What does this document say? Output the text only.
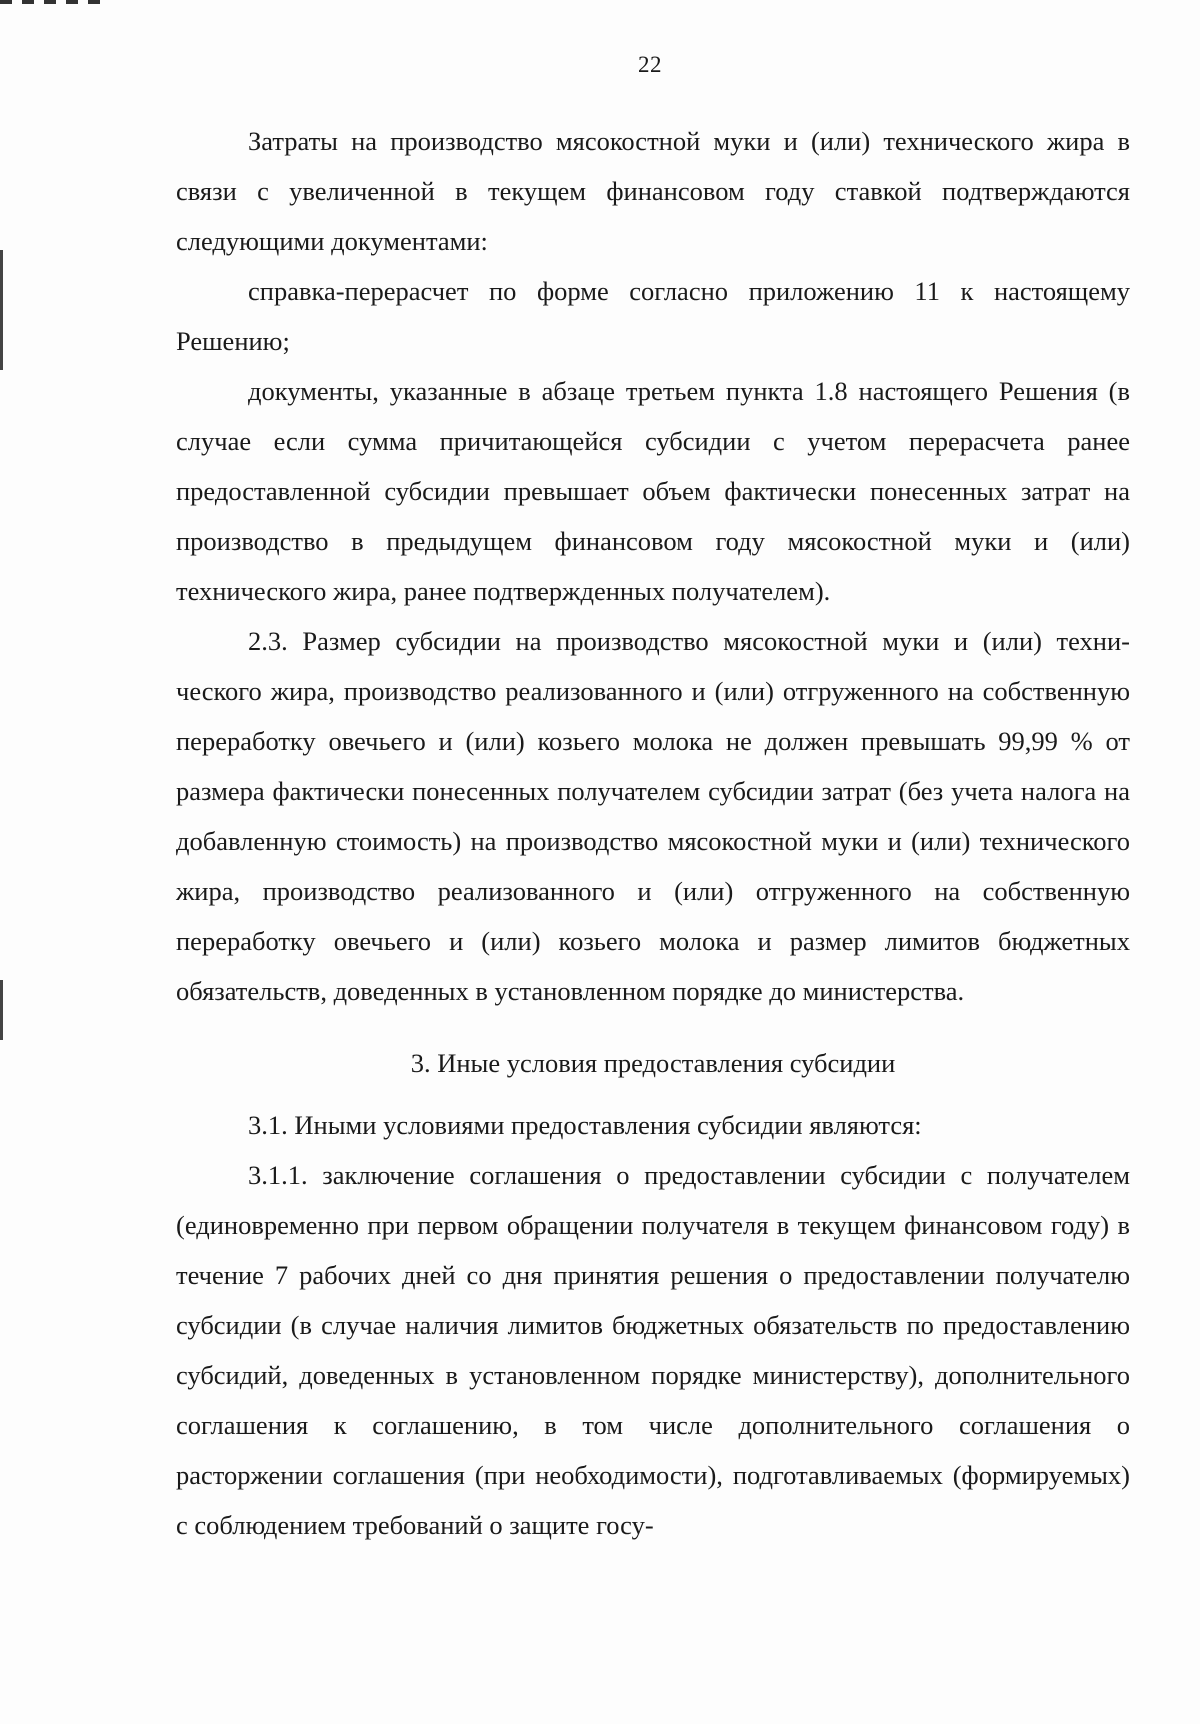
22

Затраты на производство мясокостной муки и (или) технического жира в связи с увеличенной в текущем финансовом году ставкой подтверждаются следующими документами:

справка-перерасчет по форме согласно приложению 11 к настоящему Решению;

документы, указанные в абзаце третьем пункта 1.8 настоящего Решения (в случае если сумма причитающейся субсидии с учетом перерасчета ранее предоставленной субсидии превышает объем фактически понесенных затрат на производство в предыдущем финансовом году мясокостной муки и (или) технического жира, ранее подтвержденных получателем).

2.3. Размер субсидии на производство мясокостной муки и (или) технического жира, производство реализованного и (или) отгруженного на собственную переработку овечьего и (или) козьего молока не должен превышать 99,99 % от размера фактически понесенных получателем субсидии затрат (без учета налога на добавленную стоимость) на производство мясокостной муки и (или) технического жира, производство реализованного и (или) отгруженного на собственную переработку овечьего и (или) козьего молока и размер лимитов бюджетных обязательств, доведенных в установленном порядке до министерства.

3. Иные условия предоставления субсидии

3.1. Иными условиями предоставления субсидии являются:

3.1.1. заключение соглашения о предоставлении субсидии с получателем (единовременно при первом обращении получателя в текущем финансовом году) в течение 7 рабочих дней со дня принятия решения о предоставлении получателю субсидии (в случае наличия лимитов бюджетных обязательств по предоставлению субсидий, доведенных в установленном порядке министерству), дополнительного соглашения к соглашению, в том числе дополнительного соглашения о расторжении соглашения (при необходимости), подготавливаемых (формируемых) с соблюдением требований о защите госу-
